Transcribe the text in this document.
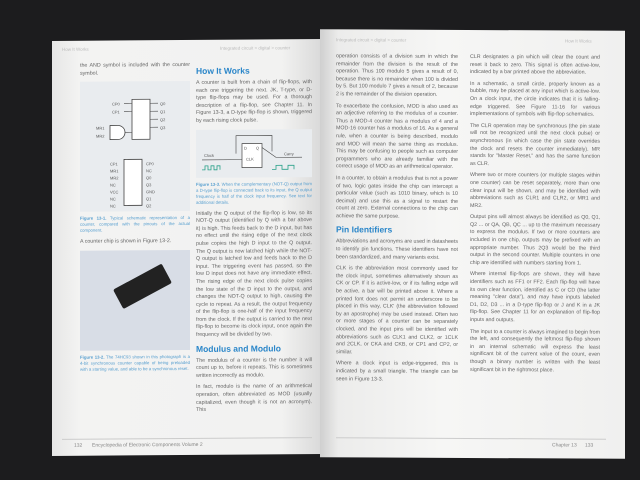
How It Works	Integrated circuit > digital > counter

the AND symbol is included with the counter symbol.

CP0
CP1
MR1
MR2
Q0
Q1
Q2
Q3
CP1
MR1
MR2
NC
VCC
NC
NC
CP0
NC
Q0
Q3
GND
Q1
Q2
Figure 13-1. Typical schematic representation of a counter, compared with the pinouts of the actual component.

A counter chip is shown in Figure 13-2.

Figure 13-2. The 74HC93 shown in this photograph is a 4-bit synchronous counter capable of being preloaded with a starting value, and able to be a synchronous reset.
How It Works

A counter is built from a chain of flip-flops, with each one triggering the next. JK, T-type, or D-type flip-flops may be used. For a thorough description of a flip-flop, see Chapter 11. In Figure 13-3, a D-type flip-flop is shown, triggered by each rising clock pulse.

Clock	Carry
D Q
CLK
Figure 13-3. When the complementary (NOT-Q) output from a D-type flip-flop is connected back to its input, the Q output frequency is half of the clock input frequency. See text for additional details.

Initially the Q output of the flip-flop is low, so its NOT-Q output (identified by Q with a bar above it) is high. This feeds back to the D input, but has no effect until the rising edge of the next clock pulse copies the high D input to the Q output. The Q output is now latched high while the NOT-Q output is latched low and feeds back to the D input. The triggering event has passed, so the low D input does not have any immediate effect. The rising edge of the next clock pulse copies the low state of the D input to the output, and changes the NOT-Q output to high, causing the cycle to repeat. As a result, the output frequency of the flip-flop is one-half of the input frequency from the clock. If the output is carried to the next flip-flop to become its clock input, once again the frequency will be divided by two.

Modulus and Modulo

The modulus of a counter is the number it will count up to, before it repeats. This is sometimes written incorrectly as modulo.

In fact, modulo is the name of an arithmetical operation, often abbreviated as MOD (usually capitalized, even though it is not an acronym). This

132 Encyclopedia of Electronic Components Volume 2
Integrated circuit > digital > counter	How It Works

operation consists of a division sum in which the remainder from the division is the result of the operation. Thus 100 modulo 5 gives a result of 0, because there is no remainder when 100 is divided by 5. But 100 modulo 7 gives a result of 2, because 2 is the remainder of the division operation.

To exacerbate the confusion, MOD is also used as an adjective referring to the modulus of a counter. Thus a MOD-4 counter has a modulus of 4 and a MOD-16 counter has a modulus of 16. As a general rule, when a counter is being described, modulo and MOD will mean the same thing as modulus. This may be confusing to people such as computer programmers who are already familiar with the correct usage of MOD as an arithmetical operator.

In a counter, to obtain a modulus that is not a power of two, logic gates inside the chip can intercept a particular value (such as 1010 binary, which is 10 decimal) and use this as a signal to restart the count at zero. External connections to the chip can achieve the same purpose.

Pin Identifiers

Abbreviations and acronyms are used in datasheets to identify pin functions. These identifiers have not been standardized, and many variants exist.

CLK is the abbreviation most commonly used for the clock input, sometimes alternatively shown as CK or CP. If it is active-low, or if its falling edge will be active, a bar will be printed above it. Where a printed font does not permit an underscore to be placed in this way, CLK' (the abbreviation followed by an apostrophe) may be used instead. Often two or more stages of a counter can be separately clocked, and the input pins will be identified with abbreviations such as CLK1 and CLK2, or 1CLK and 2CLK, or CKA and CKB, or CP1 and CP2, or similar.

Where a clock input is edge-triggered, this is indicated by a small triangle. The triangle can be seen in Figure 13-3.

CLR designates a pin which will clear the count and reset it back to zero. This signal is often active-low, indicated by a bar printed above the abbreviation.

In a schematic, a small circle, properly known as a bubble, may be placed at any input which is active-low. On a clock input, the circle indicates that it is falling-edge triggered. See Figure 11-16 for various implementations of symbols with flip-flop schematics.

The CLR operation may be synchronous (the pin state will not be recognized until the next clock pulse) or asynchronous (in which case the pin state overrides the clock and resets the counter immediately). MR stands for "Master Reset," and has the same function as CLR.

Where two or more counters (or multiple stages within one counter) can be reset separately, more than one clear input will be shown, and may be identified with abbreviations such as CLR1 and CLR2, or MR1 and MR2.

Output pins will almost always be identified as Q0, Q1, Q2 ... or QA, QB, QC ... up to the maximum necessary to express the modulus. If two or more counters are included in one chip, outputs may be prefixed with an appropriate number. Thus 2Q3 would be the third output in the second counter. Multiple counters in one chip are identified with numbers starting from 1.

Where internal flip-flops are shown, they will have identifiers such as FF1 or FF2. Each flip-flop will have its own clear function, identified as C or CD (the latter meaning "clear data"), and may have inputs labeled D1, D2, D3 ... in a D-type flip-flop or J and K in a JK flip-flop. See Chapter 11 for an explanation of flip-flop inputs and outputs.

The input to a counter is always imagined to begin from the left, and consequently the leftmost flip-flop shown in an internal schematic will express the least significant bit of the current value of the count, even though a binary number is written with the least significant bit in the rightmost place.

Chapter 13 133
